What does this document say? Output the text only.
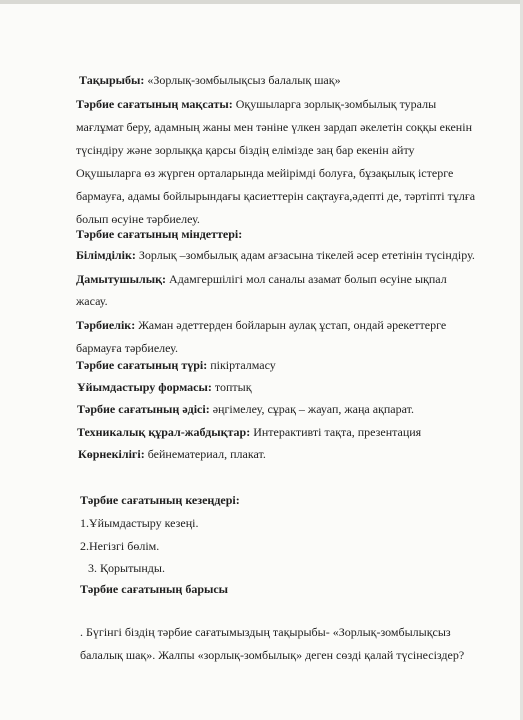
Тақырыбы: «Зорлық-зомбылықсыз балалық шақ»
Тәрбие сағатының мақсаты: Оқушыларга зорлық-зомбылық туралы
мағлұмат беру, адамның жаны мен тәніне үлкен зардап әкелетін соққы екенін
түсіндіру және зорлыққа қарсы біздің елімізде заң бар екенін айту
Оқушыларга өз жүрген орталарында мейірімді болуға, бұзақылық істерге
бармауға, адамы бойлырындағы қасиеттерін сақтауға,әдепті де, тәртіпті тұлға
болып өсуіне тәрбиелеу.
Тәрбие сағатының міндеттері:
Білімділік: Зорлық –зомбылық адам ағзасына тікелей әсер ететінін түсіндіру.
Дамытушылық: Адамгершілігі мол саналы азамат болып өсуіне ықпал
жасау.
Тәрбиелік: Жаман әдеттерден бойларын аулақ ұстап, ондай әрекеттерге
бармауға тәрбиелеу.
Тәрбие сағатының түрі: пікірталмасу
Ұйымдастыру формасы: топтық
Тәрбие сағатының әдісі: әңгімелеу, сұрақ – жауап, жаңа ақпарат.
Техникалық құрал-жабдықтар: Интерактивті тақта, презентация
Көрнекілігі: бейнематериал, плакат.
Тәрбие сағатының кезеңдері:
1.Ұйымдастыру кезеңі.
2.Негізгі бөлім.
3. Қорытынды.
Тәрбие сағатының барысы
. Бүгінгі біздің тәрбие сағатымыздың тақырыбы- «Зорлық-зомбылықсыз
балалық шақ». Жалпы «зорлық-зомбылық» деген сөзді қалай түсінесіздер?
